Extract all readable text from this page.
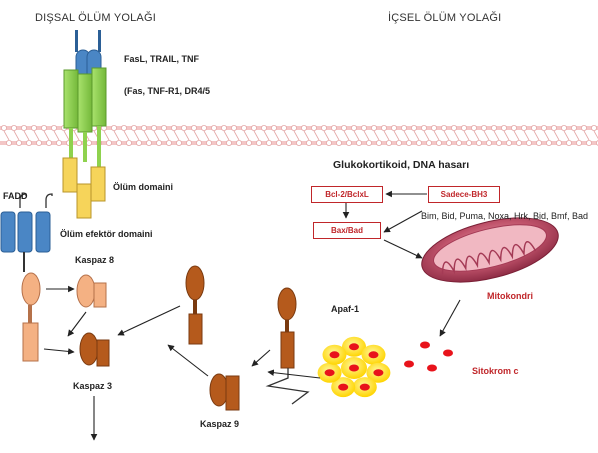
DIŞSAL ÖLÜM YOLAĞI	İÇSEL ÖLÜM YOLAĞI
FasL, TRAIL, TNF
(Fas, TNF-R1, DR4/5
Ölüm domaini
FADD
Ölüm efektör domaini
Kaspaz 8
Kaspaz 3
Kaspaz 9
Apaf-1
Glukokortikoid, DNA hasarı
Bcl-2/BclxL
Bax/Bad
Sadece-BH3
Bim, Bid, Puma, Noxa, Hrk, Bid, Bmf, Bad
Mitokondri
Sitokrom c
